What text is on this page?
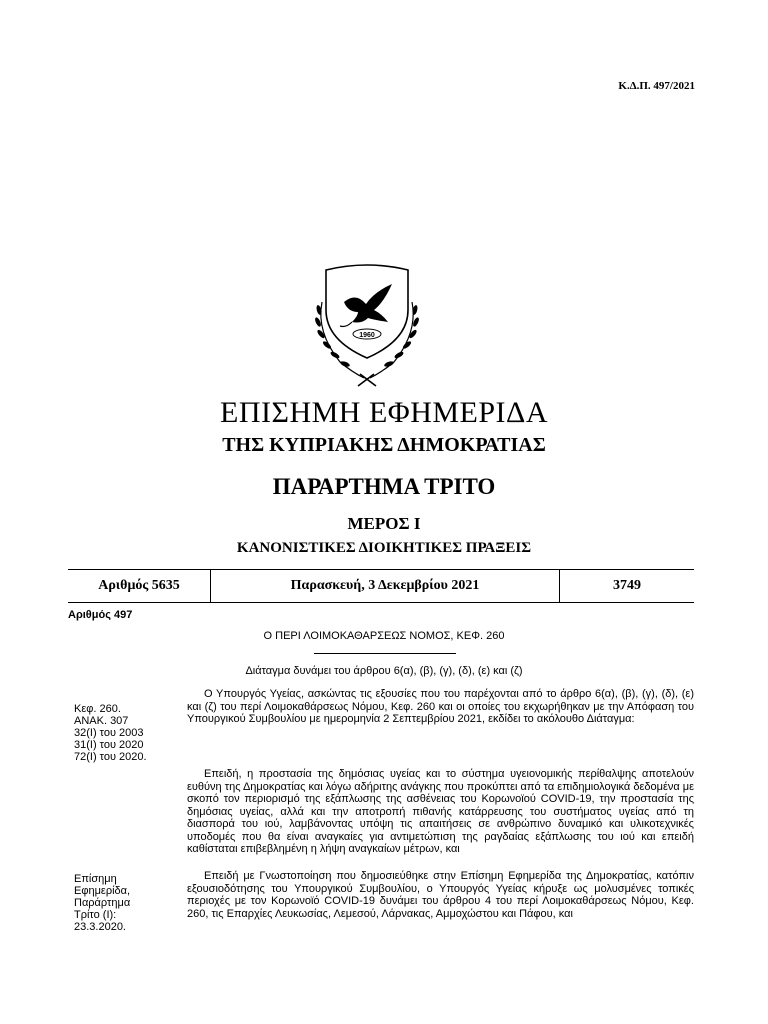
Κ.Δ.Π. 497/2021
1960
ΕΠΙΣΗΜΗ ΕΦΗΜΕΡΙΔΑ
ΤΗΣ ΚΥΠΡΙΑΚΗΣ ΔΗΜΟΚΡΑΤΙΑΣ
ΠΑΡΑΡΤΗΜΑ ΤΡΙΤΟ
ΜΕΡΟΣ Ι
ΚΑΝΟΝΙΣΤΙΚΕΣ ΔΙΟΙΚΗΤΙΚΕΣ ΠΡΑΞΕΙΣ
Αριθμός 5635	Παρασκευή, 3 Δεκεμβρίου 2021	3749
Αριθμός 497
Ο ΠΕΡΙ ΛΟΙΜΟΚΑΘΑΡΣΕΩΣ ΝΟΜΟΣ, ΚΕΦ. 260
Διάταγμα δυνάμει του άρθρου 6(α), (β), (γ), (δ), (ε) και (ζ)
Κεφ. 260.
ΑΝΑΚ. 307
32(Ι) του 2003
31(Ι) του 2020
72(Ι) του 2020.
Επίσημη
Εφημερίδα,
Παράρτημα
Τρίτο (Ι):
23.3.2020.

Ο Υπουργός Υγείας, ασκώντας τις εξουσίες που του παρέχονται από το άρθρο 6(α), (β), (γ), (δ), (ε) και (ζ) του περί Λοιμοκαθάρσεως Νόμου, Κεφ. 260 και οι οποίες του εκχωρήθηκαν με την Απόφαση του Υπουργικού Συμβουλίου με ημερομηνία 2 Σεπτεμβρίου 2021, εκδίδει το ακόλουθο Διάταγμα:

Επειδή, η προστασία της δημόσιας υγείας και το σύστημα υγειονομικής περίθαλψης αποτελούν ευθύνη της Δημοκρατίας και λόγω αδήριτης ανάγκης που προκύπτει από τα επιδημιολογικά δεδομένα με σκοπό τον περιορισμό της εξάπλωσης της ασθένειας του Κορωνοϊού COVID-19, την προστασία της δημόσιας υγείας, αλλά και την αποτροπή πιθανής κατάρρευσης του συστήματος υγείας από τη διασπορά του ιού, λαμβάνοντας υπόψη τις απαιτήσεις σε ανθρώπινο δυναμικό και υλικοτεχνικές υποδομές που θα είναι αναγκαίες για αντιμετώπιση της ραγδαίας εξάπλωσης του ιού και επειδή καθίσταται επιβεβλημένη η λήψη αναγκαίων μέτρων, και

Επειδή με Γνωστοποίηση που δημοσιεύθηκε στην Επίσημη Εφημερίδα της Δημοκρατίας, κατόπιν εξουσιοδότησης του Υπουργικού Συμβουλίου, ο Υπουργός Υγείας κήρυξε ως μολυσμένες τοπικές περιοχές με τον Κορωνοϊό COVID-19 δυνάμει του άρθρου 4 του περί Λοιμοκαθάρσεως Νόμου, Κεφ. 260, τις Επαρχίες Λευκωσίας, Λεμεσού, Λάρνακας, Αμμοχώστου και Πάφου, και
